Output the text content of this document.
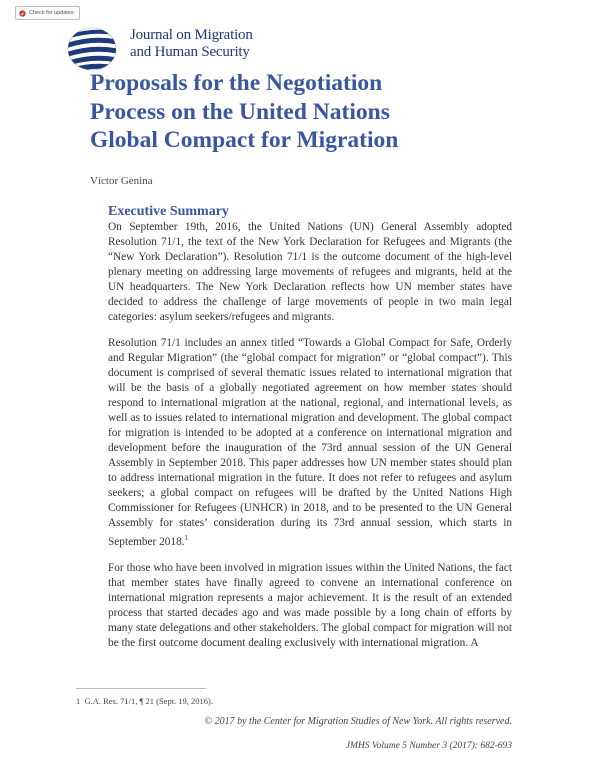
Check for updates
Journal on Migration
and Human Security
Proposals for the Negotiation
Process on the United Nations
Global Compact for Migration
Víctor Genina
Executive Summary

On September 19th, 2016, the United Nations (UN) General Assembly adopted Resolution 71/1, the text of the New York Declaration for Refugees and Migrants (the “New York Declaration”). Resolution 71/1 is the outcome document of the high-level plenary meeting on addressing large movements of refugees and migrants, held at the UN headquarters. The New York Declaration reflects how UN member states have decided to address the challenge of large movements of people in two main legal categories: asylum seekers/refugees and migrants.

Resolution 71/1 includes an annex titled “Towards a Global Compact for Safe, Orderly and Regular Migration” (the “global compact for migration” or “global compact”). This document is comprised of several thematic issues related to international migration that will be the basis of a globally negotiated agreement on how member states should respond to international migration at the national, regional, and international levels, as well as to issues related to international migration and development. The global compact for migration is intended to be adopted at a conference on international migration and development before the inauguration of the 73rd annual session of the UN General Assembly in September 2018. This paper addresses how UN member states should plan to address international migration in the future. It does not refer to refugees and asylum seekers; a global compact on refugees will be drafted by the United Nations High Commissioner for Refugees (UNHCR) in 2018, and to be presented to the UN General Assembly for states’ consideration during its 73rd annual session, which starts in September 2018.$^1$

For those who have been involved in migration issues within the United Nations, the fact that member states have finally agreed to convene an international conference on international migration represents a major achievement. It is the result of an extended process that started decades ago and was made possible by a long chain of efforts by many state delegations and other stakeholders. The global compact for migration will not be the first outcome document dealing exclusively with international migration. A

1 G.A. Res. 71/1, ¶ 21 (Sept. 19, 2016).
© 2017 by the Center for Migration Studies of New York. All rights reserved.
JMHS Volume 5 Number 3 (2017): 682-693
